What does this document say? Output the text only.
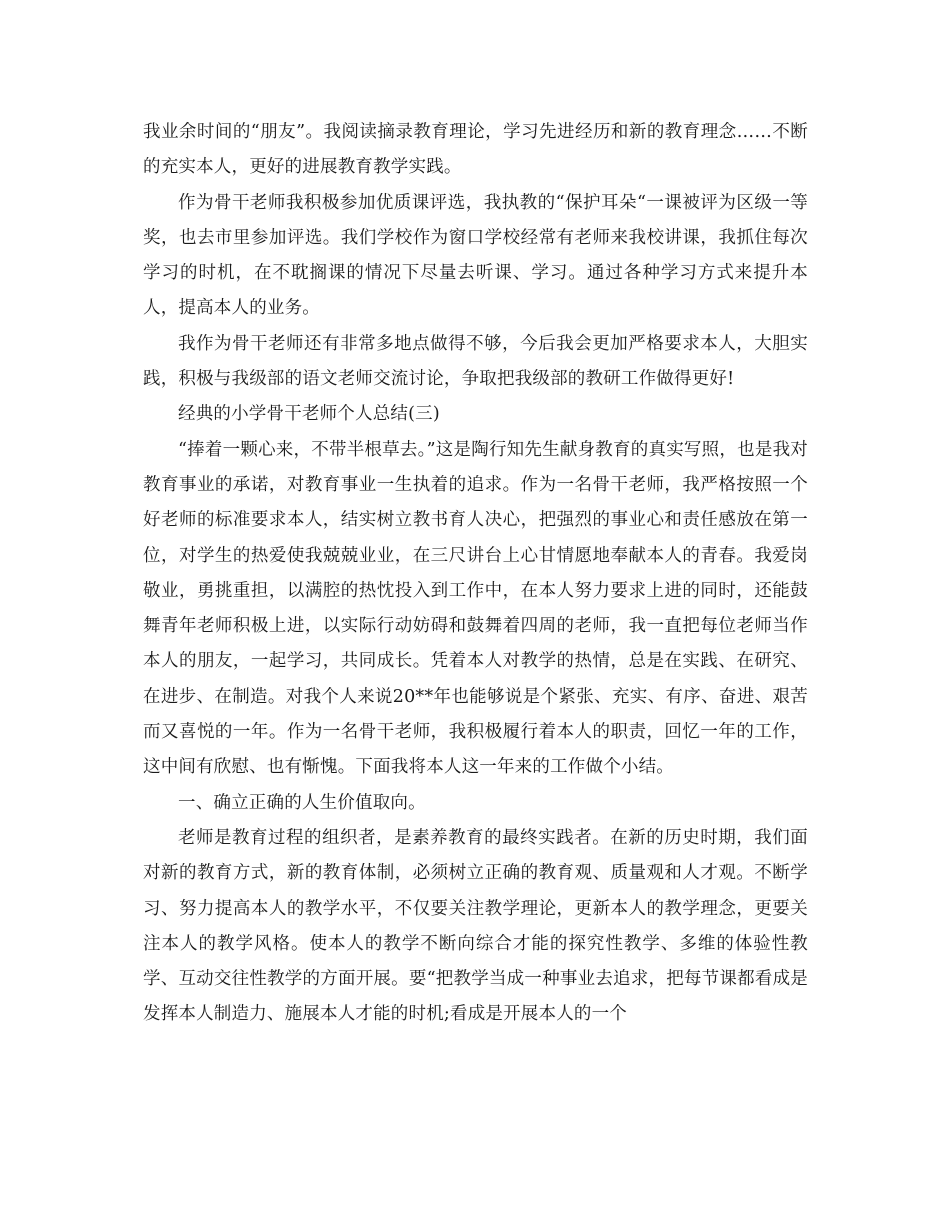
我业余时间的“朋友”。我阅读摘录教育理论，学习先进经历和新的教育理念……不断的充实本人，更好的进展教育教学实践。

作为骨干老师我积极参加优质课评选，我执教的“保护耳朵“一课被评为区级一等奖，也去市里参加评选。我们学校作为窗口学校经常有老师来我校讲课，我抓住每次学习的时机，在不耽搁课的情况下尽量去听课、学习。通过各种学习方式来提升本人，提高本人的业务。

我作为骨干老师还有非常多地点做得不够，今后我会更加严格要求本人，大胆实践，积极与我级部的语文老师交流讨论，争取把我级部的教研工作做得更好!

经典的小学骨干老师个人总结(三)

“捧着一颗心来，不带半根草去。”这是陶行知先生献身教育的真实写照，也是我对教育事业的承诺，对教育事业一生执着的追求。作为一名骨干老师，我严格按照一个好老师的标准要求本人，结实树立教书育人决心，把强烈的事业心和责任感放在第一位，对学生的热爱使我兢兢业业，在三尺讲台上心甘情愿地奉献本人的青春。我爱岗敬业，勇挑重担，以满腔的热忱投入到工作中，在本人努力要求上进的同时，还能鼓舞青年老师积极上进，以实际行动妨碍和鼓舞着四周的老师，我一直把每位老师当作本人的朋友，一起学习，共同成长。凭着本人对教学的热情，总是在实践、在研究、在进步、在制造。对我个人来说20**年也能够说是个紧张、充实、有序、奋进、艰苦而又喜悦的一年。作为一名骨干老师，我积极履行着本人的职责，回忆一年的工作，这中间有欣慰、也有惭愧。下面我将本人这一年来的工作做个小结。

一、确立正确的人生价值取向。

老师是教育过程的组织者，是素养教育的最终实践者。在新的历史时期，我们面对新的教育方式，新的教育体制，必须树立正确的教育观、质量观和人才观。不断学习、努力提高本人的教学水平，不仅要关注教学理论，更新本人的教学理念，更要关注本人的教学风格。使本人的教学不断向综合才能的探究性教学、多维的体验性教学、互动交往性教学的方面开展。要“把教学当成一种事业去追求，把每节课都看成是发挥本人制造力、施展本人才能的时机;看成是开展本人的一个
